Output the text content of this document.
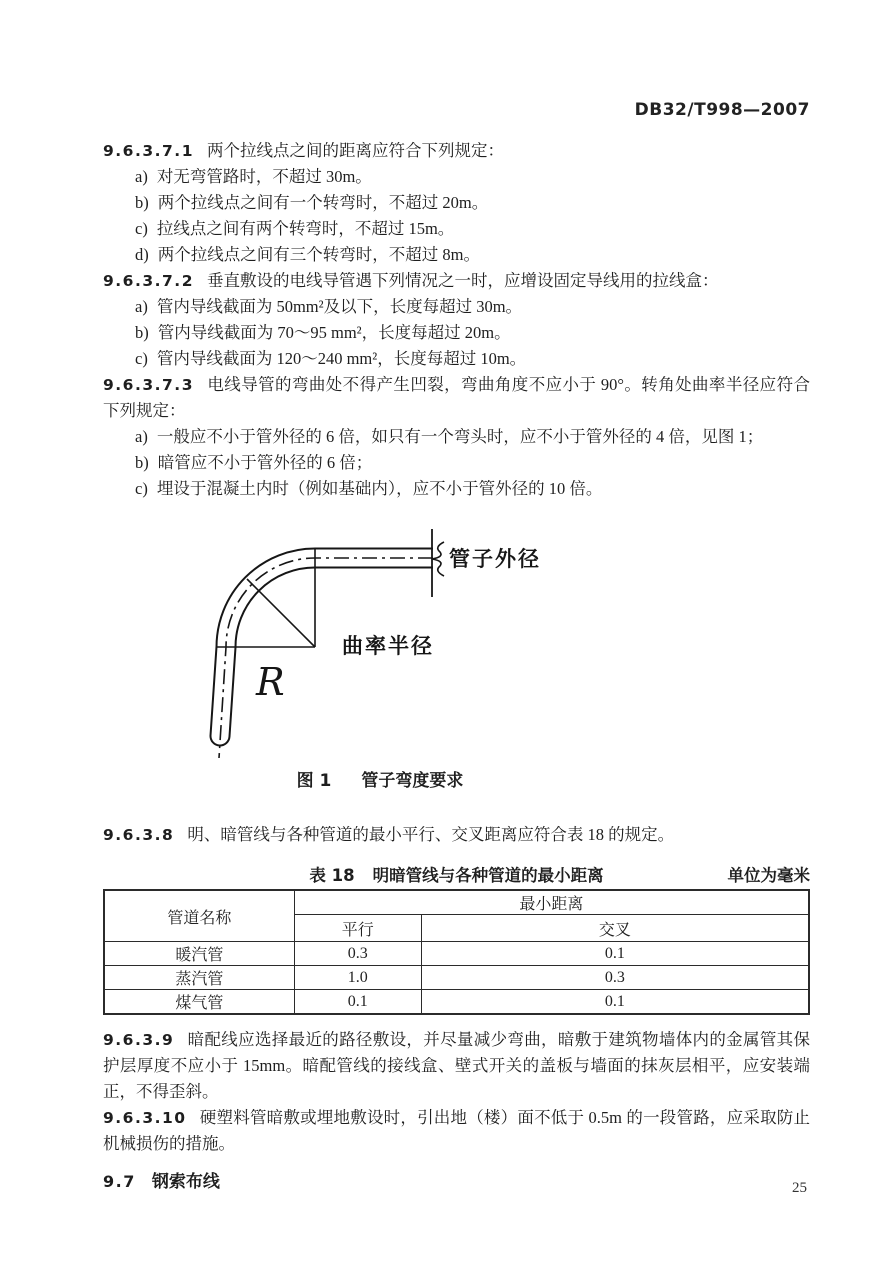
DB32/T998—2007
9.6.3.7.1 两个拉线点之间的距离应符合下列规定：
a) 对无弯管路时，不超过 30m。
b) 两个拉线点之间有一个转弯时，不超过 20m。
c) 拉线点之间有两个转弯时，不超过 15m。
d) 两个拉线点之间有三个转弯时，不超过 8m。
9.6.3.7.2 垂直敷设的电线导管遇下列情况之一时，应增设固定导线用的拉线盒：
a) 管内导线截面为 50mm²及以下，长度每超过 30m。
b) 管内导线截面为 70～95 mm²，长度每超过 20m。
c) 管内导线截面为 120～240 mm²，长度每超过 10m。
9.6.3.7.3 电线导管的弯曲处不得产生凹裂，弯曲角度不应小于 90°。转角处曲率半径应符合下列规定：
a) 一般应不小于管外径的 6 倍，如只有一个弯头时，应不小于管外径的 4 倍，见图 1；
b) 暗管应不小于管外径的 6 倍；
c) 埋设于混凝土内时（例如基础内），应不小于管外径的 10 倍。
管子外径
曲率半径
R
图 1 管子弯度要求
9.6.3.8 明、暗管线与各种管道的最小平行、交叉距离应符合表 18 的规定。
表 18 明暗管线与各种管道的最小距离	单位为毫米
管道名称	最小距离	
	平行	交叉
暖汽管	0.3	0.1
蒸汽管	1.0	0.3
煤气管	0.1	0.1
9.6.3.9 暗配线应选择最近的路径敷设，并尽量减少弯曲，暗敷于建筑物墙体内的金属管其保护层厚度不应小于 15mm。暗配管线的接线盒、壁式开关的盖板与墙面的抹灰层相平，应安装端正，不得歪斜。
9.6.3.10 硬塑料管暗敷或埋地敷设时，引出地（楼）面不低于 0.5m 的一段管路，应采取防止机械损伤的措施。
9.7 钢索布线	25
